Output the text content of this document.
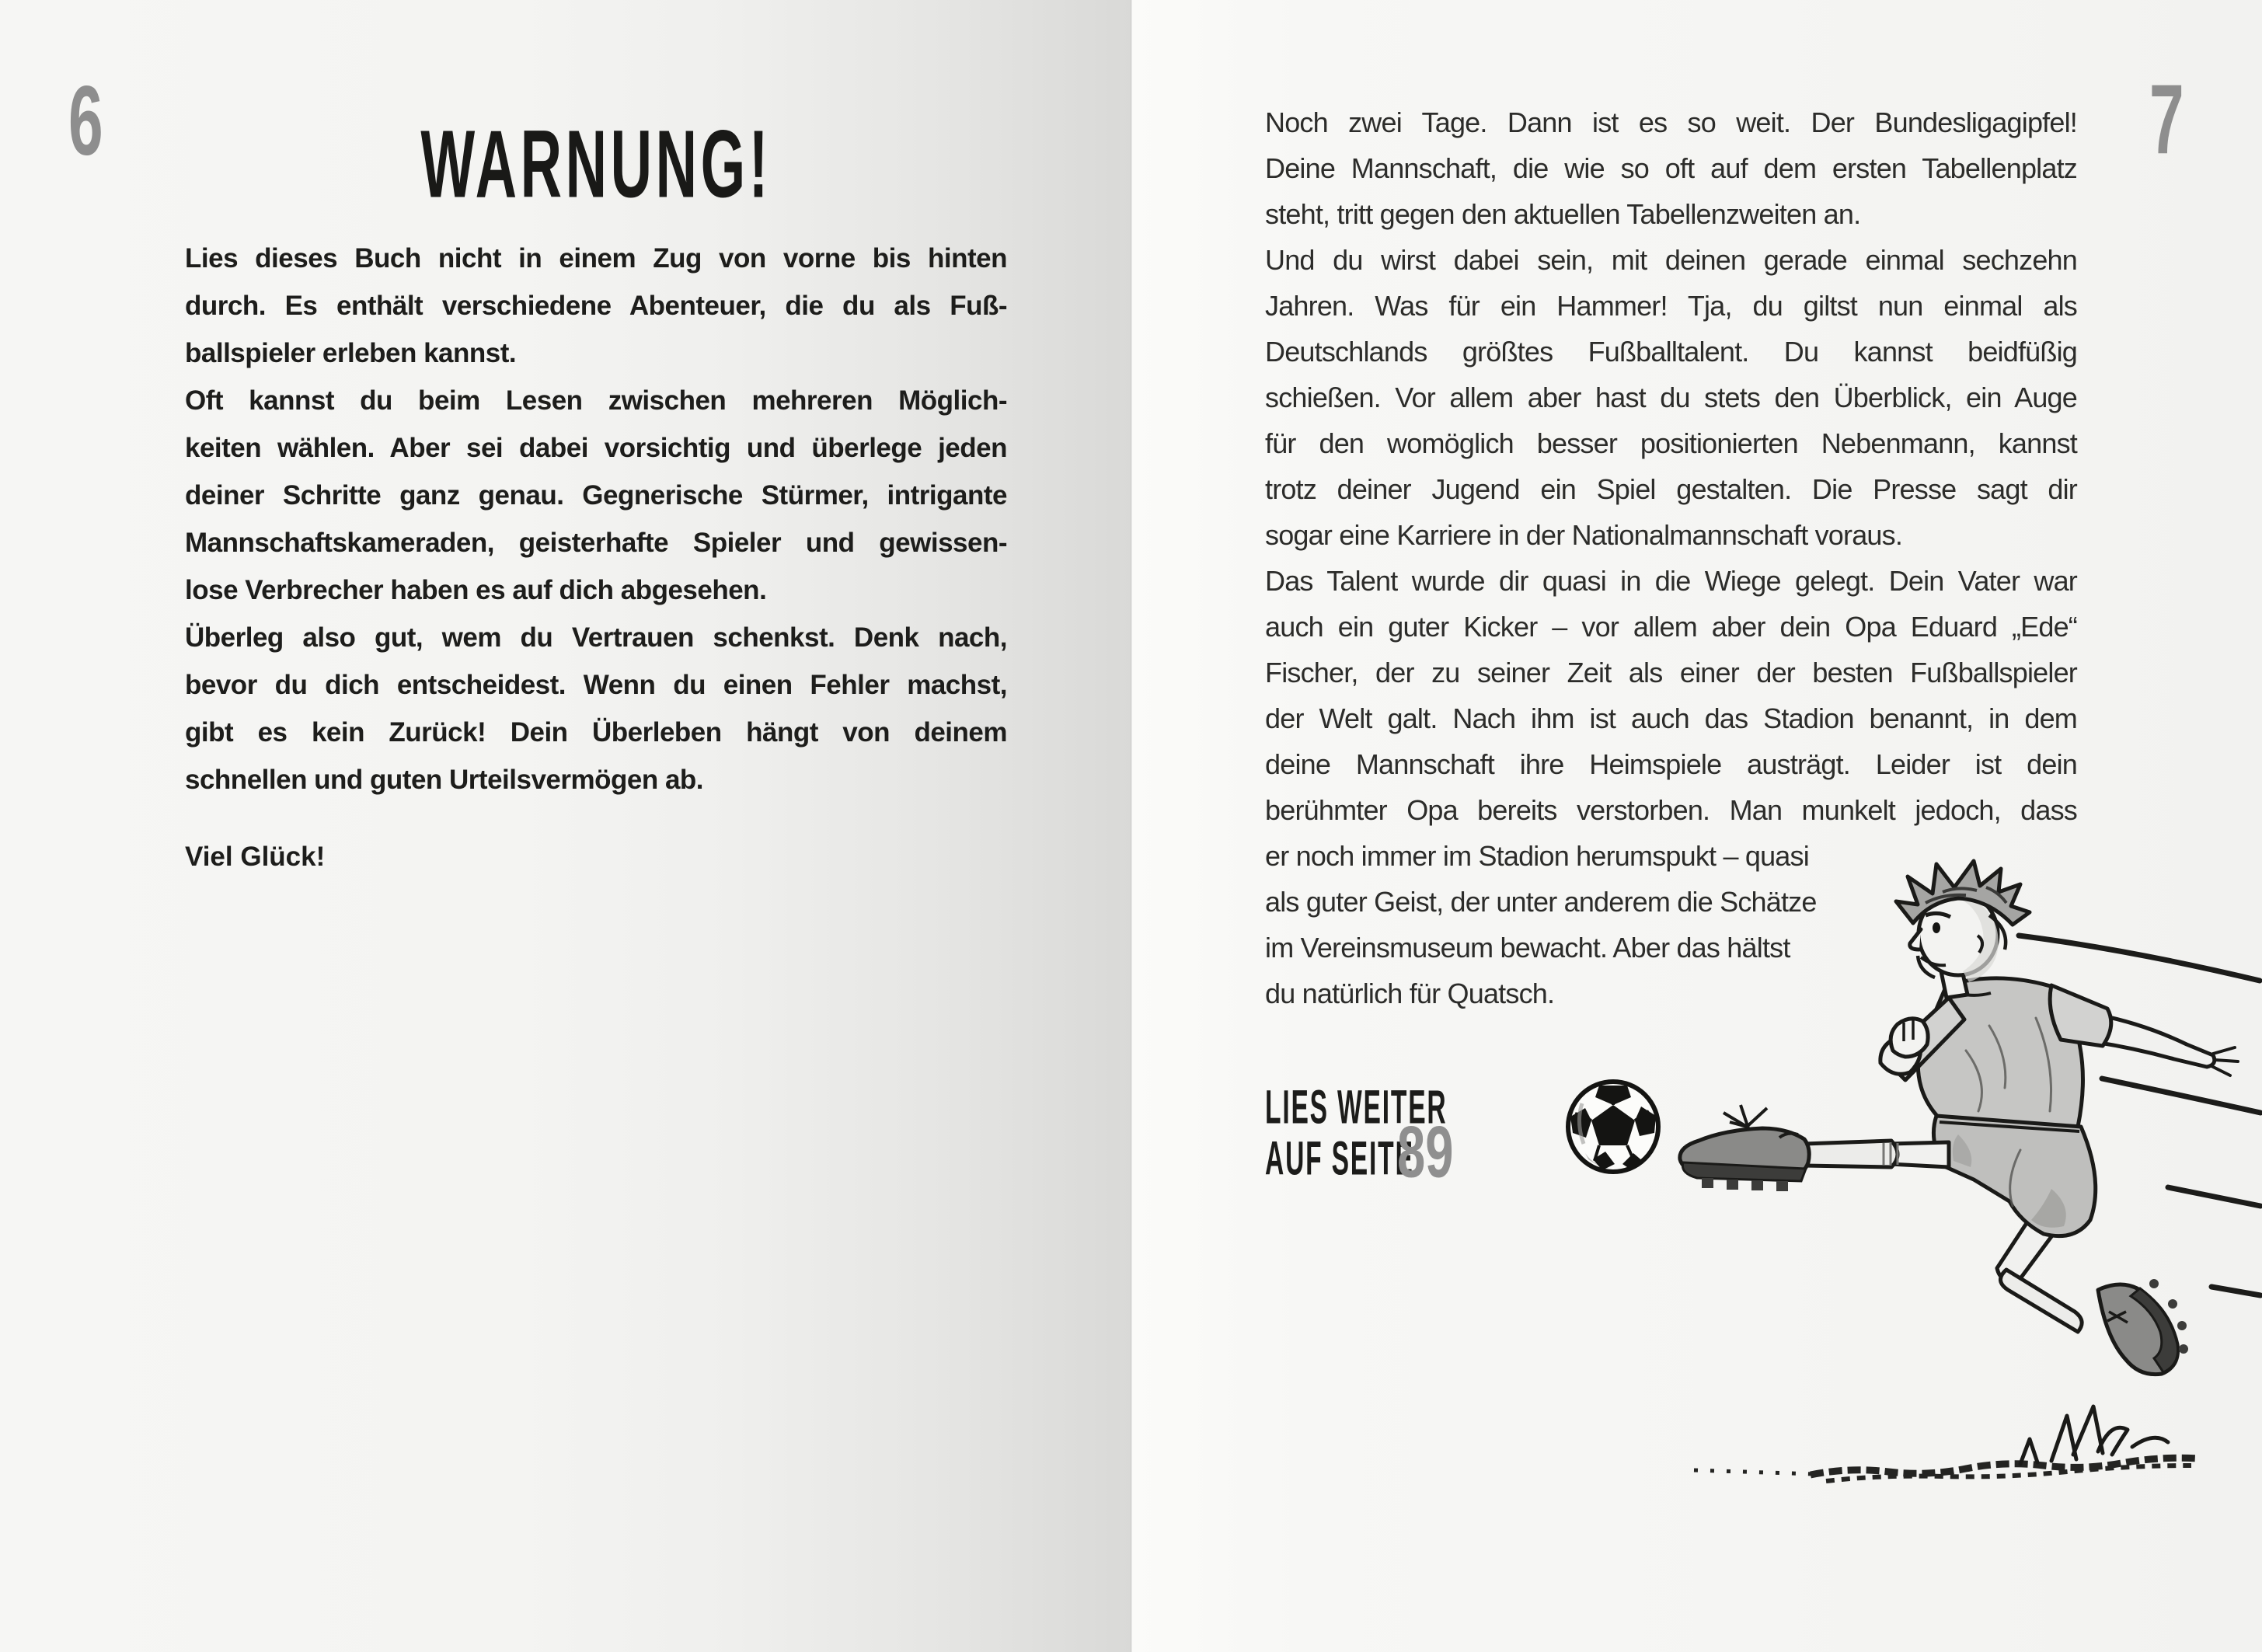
6	WARNUNG!
Lies dieses Buch nicht in einem Zug von vorne bis hinten
durch. Es enthält verschiedene Abenteuer, die du als Fuß-
ballspieler erleben kannst.
Oft kannst du beim Lesen zwischen mehreren Möglich-
keiten wählen. Aber sei dabei vorsichtig und überlege jeden
deiner Schritte ganz genau. Gegnerische Stürmer, intrigante
Mannschaftskameraden, geisterhafte Spieler und gewissen-
lose Verbrecher haben es auf dich abgesehen.
Überleg also gut, wem du Vertrauen schenkst. Denk nach,
bevor du dich entscheidest. Wenn du einen Fehler machst,
gibt es kein Zurück! Dein Überleben hängt von deinem
schnellen und guten Urteilsvermögen ab.
Viel Glück!
7
Noch zwei Tage. Dann ist es so weit. Der Bundesligagipfel!
Deine Mannschaft, die wie so oft auf dem ersten Tabellenplatz
steht, tritt gegen den aktuellen Tabellenzweiten an.
Und du wirst dabei sein, mit deinen gerade einmal sechzehn
Jahren. Was für ein Hammer! Tja, du giltst nun einmal als
Deutschlands größtes Fußballtalent. Du kannst beidfüßig
schießen. Vor allem aber hast du stets den Überblick, ein Auge
für den womöglich besser positionierten Nebenmann, kannst
trotz deiner Jugend ein Spiel gestalten. Die Presse sagt dir
sogar eine Karriere in der Nationalmannschaft voraus.
Das Talent wurde dir quasi in die Wiege gelegt. Dein Vater war
auch ein guter Kicker – vor allem aber dein Opa Eduard „Ede“
Fischer, der zu seiner Zeit als einer der besten Fußballspieler
der Welt galt. Nach ihm ist auch das Stadion benannt, in dem
deine Mannschaft ihre Heimspiele austrägt. Leider ist dein
berühmter Opa bereits verstorben. Man munkelt jedoch, dass
er noch immer im Stadion herumspukt – quasi
als guter Geist, der unter anderem die Schätze
im Vereinsmuseum bewacht. Aber das hältst
du natürlich für Quatsch.
LIES WEITER
AUF SEITE
89
